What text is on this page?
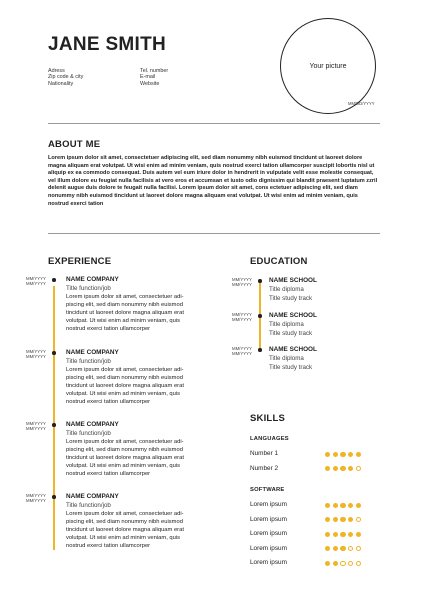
JANE SMITH
Adress
Zip code & city
Nationality
Tel. number
E-mail
Website
Your picture
MM/DD/YYYY
ABOUT ME
Lorem ipsum dolor sit amet, consectetuer adipiscing elit, sed diam nonummy nibh euismod tincidunt ut laoreet dolore magna aliquam erat volutpat. Ut wisi enim ad minim veniam, quis nostrud exerci tation ullamcorper suscipit lobortis nisl ut aliquip ex ea commodo consequat. Duis autem vel eum iriure dolor in hendrerit in vulputate velit esse molestie consequat, vel illum dolore eu feugiat nulla facilisis at vero eros et accumsan et iusto odio dignissim qui blandit praesent luptatum zzril delenit augue duis dolore te feugait nulla facilisi. Lorem ipsum dolor sit amet, cons ectetuer adipiscing elit, sed diam nonummy nibh euismod tincidunt ut laoreet dolore magna aliquam erat volutpat. Ut wisi enim ad minim veniam, quis nostrud exerci tation
EXPERIENCE
MM/YYYY
MM/YYYY
NAME COMPANY
Title function/job
Lorem ipsum dolor sit amet, consectetuer adi-
piscing elit, sed diam nonummy nibh euismod
tincidunt ut laoreet dolore magna aliquam erat
volutpat. Ut wisi enim ad minim veniam, quis
nostrud exerci tation ullamcorper
MM/YYYY
MM/YYYY
NAME COMPANY
Title function/job
Lorem ipsum dolor sit amet, consectetuer adi-
piscing elit, sed diam nonummy nibh euismod
tincidunt ut laoreet dolore magna aliquam erat
volutpat. Ut wisi enim ad minim veniam, quis
nostrud exerci tation ullamcorper
MM/YYYY
MM/YYYY
NAME COMPANY
Title function/job
Lorem ipsum dolor sit amet, consectetuer adi-
piscing elit, sed diam nonummy nibh euismod
tincidunt ut laoreet dolore magna aliquam erat
volutpat. Ut wisi enim ad minim veniam, quis
nostrud exerci tation ullamcorper
MM/YYYY
MM/YYYY
NAME COMPANY
Title function/job
Lorem ipsum dolor sit amet, consectetuer adi-
piscing elit, sed diam nonummy nibh euismod
tincidunt ut laoreet dolore magna aliquam erat
volutpat. Ut wisi enim ad minim veniam, quis
nostrud exerci tation ullamcorper
EDUCATION
MM/YYYY
MM/YYYY
NAME SCHOOL
Title diploma
Title study track
MM/YYYY
MM/YYYY
NAME SCHOOL
Title diploma
Title study track
MM/YYYY
MM/YYYY
NAME SCHOOL
Title diploma
Title study track
SKILLS
LANGUAGES
Number 1
Number 2
SOFTWARE
Lorem ipsum
Lorem ipsum
Lorem ipsum
Lorem ipsum
Lorem ipsum
